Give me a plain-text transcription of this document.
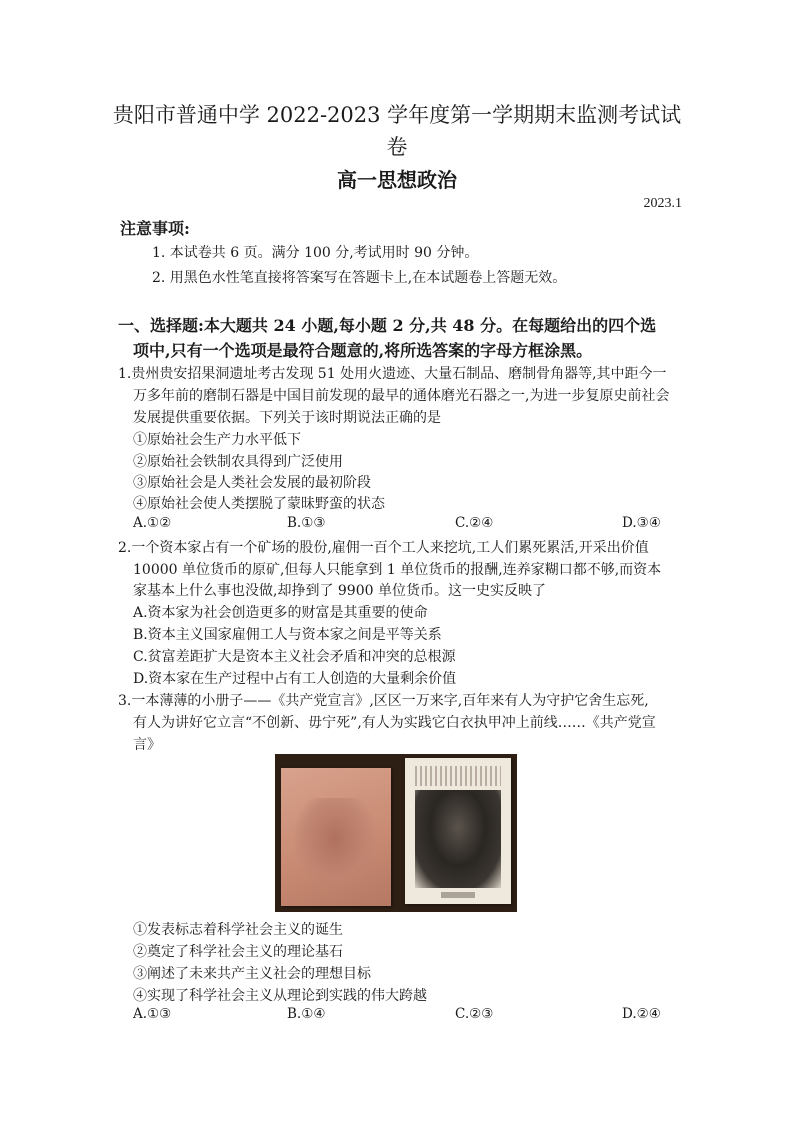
贵阳市普通中学 2022-2023 学年度第一学期期末监测考试试
卷
高一思想政治
2023.1
注意事项:
1. 本试卷共 6 页。满分 100 分,考试用时 90 分钟。
2. 用黑色水性笔直接将答案写在答题卡上,在本试题卷上答题无效。
一、选择题:本大题共 24 小题,每小题 2 分,共 48 分。在每题给出的四个选
项中,只有一个选项是最符合题意的,将所选答案的字母方框涂黑。
1.贵州贵安招果洞遗址考古发现 51 处用火遗迹、大量石制品、磨制骨角器等,其中距今一
万多年前的磨制石器是中国目前发现的最早的通体磨光石器之一,为进一步复原史前社会
发展提供重要依据。下列关于该时期说法正确的是
①原始社会生产力水平低下
②原始社会铁制农具得到广泛使用
③原始社会是人类社会发展的最初阶段
④原始社会使人类摆脱了蒙昧野蛮的状态
A.①②	B.①③	C.②④	D.③④
2.一个资本家占有一个矿场的股份,雇佣一百个工人来挖坑,工人们累死累活,开采出价值
10000 单位货币的原矿,但每人只能拿到 1 单位货币的报酬,连养家糊口都不够,而资本
家基本上什么事也没做,却挣到了 9900 单位货币。这一史实反映了
A.资本家为社会创造更多的财富是其重要的使命
B.资本主义国家雇佣工人与资本家之间是平等关系
C.贫富差距扩大是资本主义社会矛盾和冲突的总根源
D.资本家在生产过程中占有工人创造的大量剩余价值
3.一本薄薄的小册子——《共产党宣言》,区区一万来字,百年来有人为守护它舍生忘死,
有人为讲好它立言“不创新、毋宁死”,有人为实践它白衣执甲冲上前线……《共产党宣
言》
①发表标志着科学社会主义的诞生
②奠定了科学社会主义的理论基石
③阐述了未来共产主义社会的理想目标
④实现了科学社会主义从理论到实践的伟大跨越
A.①③	B.①④	C.②③	D.②④
